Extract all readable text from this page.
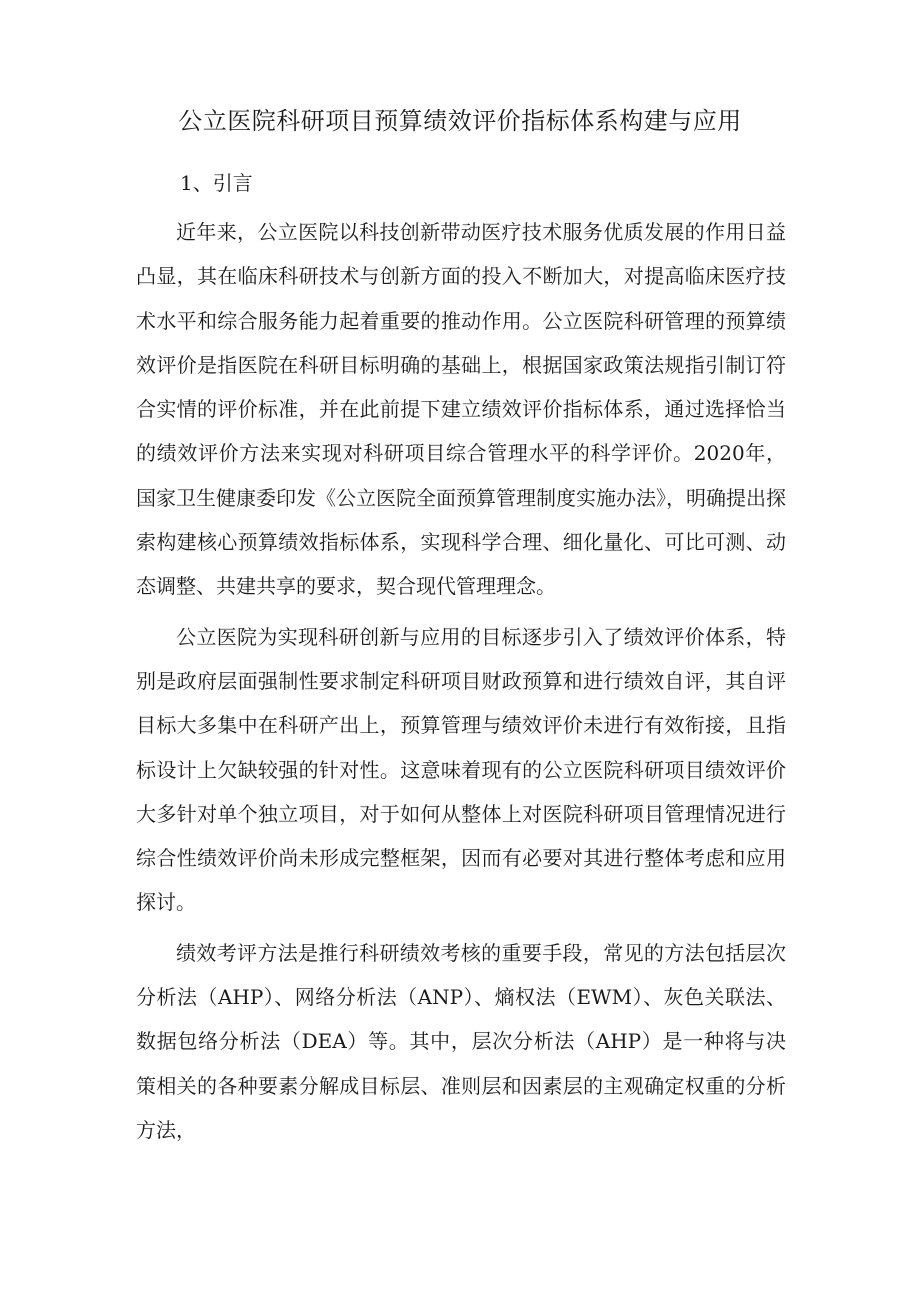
公立医院科研项目预算绩效评价指标体系构建与应用
1、引言

近年来，公立医院以科技创新带动医疗技术服务优质发展的作用日益凸显，其在临床科研技术与创新方面的投入不断加大，对提高临床医疗技术水平和综合服务能力起着重要的推动作用。公立医院科研管理的预算绩效评价是指医院在科研目标明确的基础上，根据国家政策法规指引制订符合实情的评价标准，并在此前提下建立绩效评价指标体系，通过选择恰当的绩效评价方法来实现对科研项目综合管理水平的科学评价。2020年，国家卫生健康委印发《公立医院全面预算管理制度实施办法》，明确提出探索构建核心预算绩效指标体系，实现科学合理、细化量化、可比可测、动态调整、共建共享的要求，契合现代管理理念。

公立医院为实现科研创新与应用的目标逐步引入了绩效评价体系，特别是政府层面强制性要求制定科研项目财政预算和进行绩效自评，其自评目标大多集中在科研产出上，预算管理与绩效评价未进行有效衔接，且指标设计上欠缺较强的针对性。这意味着现有的公立医院科研项目绩效评价大多针对单个独立项目，对于如何从整体上对医院科研项目管理情况进行综合性绩效评价尚未形成完整框架，因而有必要对其进行整体考虑和应用探讨。

绩效考评方法是推行科研绩效考核的重要手段，常见的方法包括层次分析法（AHP）、网络分析法（ANP）、熵权法（EWM）、灰色关联法、数据包络分析法（DEA）等。其中，层次分析法（AHP）是一种将与决策相关的各种要素分解成目标层、准则层和因素层的主观确定权重的分析方法，
